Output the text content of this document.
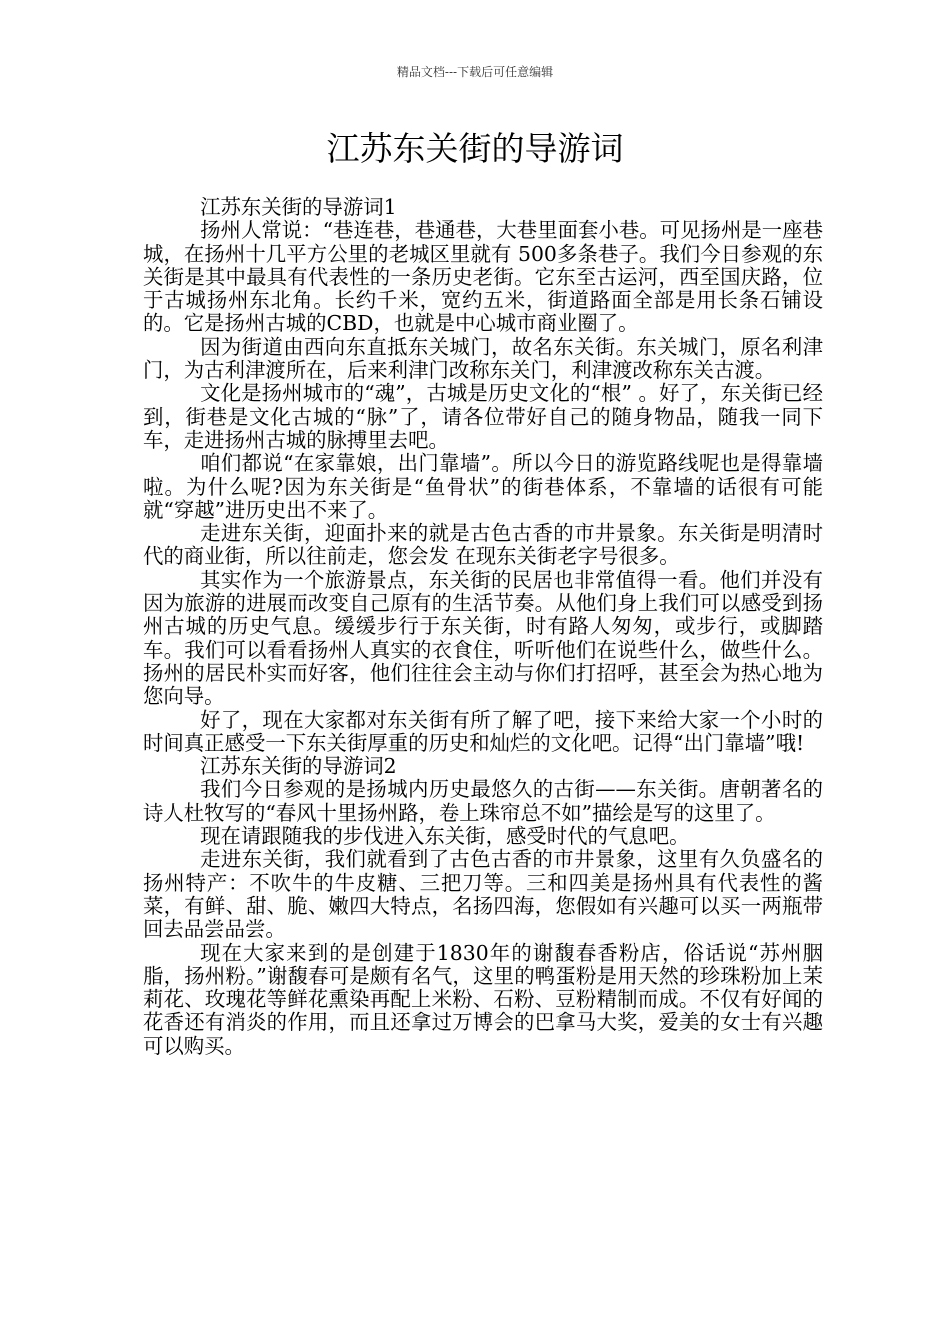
精品文档---下载后可任意编辑
江苏东关街的导游词

江苏东关街的导游词1

扬州人常说：“巷连巷，巷通巷，大巷里面套小巷。可见扬州是一座巷城，在扬州十几平方公里的老城区里就有 500多条巷子。我们今日参观的东关街是其中最具有代表性的一条历史老街。它东至古运河，西至国庆路，位于古城扬州东北角。长约千米，宽约五米，街道路面全部是用长条石铺设的。它是扬州古城的CBD，也就是中心城市商业圈了。

因为街道由西向东直抵东关城门，故名东关街。东关城门，原名利津门，为古利津渡所在，后来利津门改称东关门，利津渡改称东关古渡。

文化是扬州城市的“魂”，古城是历史文化的“根” 。好了，东关街已经到，街巷是文化古城的“脉”了，请各位带好自己的随身物品，随我一同下车，走进扬州古城的脉搏里去吧。

咱们都说“在家靠娘，出门靠墙”。所以今日的游览路线呢也是得靠墙啦。为什么呢?因为东关街是“鱼骨状”的街巷体系，不靠墙的话很有可能就“穿越”进历史出不来了。

走进东关街，迎面扑来的就是古色古香的市井景象。东关街是明清时代的商业街，所以往前走，您会发 在现东关街老字号很多。

其实作为一个旅游景点，东关街的民居也非常值得一看。他们并没有因为旅游的进展而改变自己原有的生活节奏。从他们身上我们可以感受到扬州古城的历史气息。缓缓步行于东关街，时有路人匆匆，或步行，或脚踏车。我们可以看看扬州人真实的衣食住，听听他们在说些什么，做些什么。扬州的居民朴实而好客，他们往往会主动与你们打招呼，甚至会为热心地为您向导。

好了，现在大家都对东关街有所了解了吧，接下来给大家一个小时的时间真正感受一下东关街厚重的历史和灿烂的文化吧。记得“出门靠墙”哦!

江苏东关街的导游词2

我们今日参观的是扬城内历史最悠久的古街——东关街。唐朝著名的诗人杜牧写的“春风十里扬州路，卷上珠帘总不如”描绘是写的这里了。

现在请跟随我的步伐进入东关街，感受时代的气息吧。

走进东关街，我们就看到了古色古香的市井景象，这里有久负盛名的扬州特产：不吹牛的牛皮糖、三把刀等。三和四美是扬州具有代表性的酱菜，有鲜、甜、脆、嫩四大特点，名扬四海，您假如有兴趣可以买一两瓶带回去品尝品尝。

现在大家来到的是创建于1830年的谢馥春香粉店，俗话说“苏州胭脂，扬州粉。”谢馥春可是颇有名气，这里的鸭蛋粉是用天然的珍珠粉加上茉莉花、玫瑰花等鲜花熏染再配上米粉、石粉、豆粉精制而成。不仅有好闻的花香还有消炎的作用，而且还拿过万博会的巴拿马大奖，爱美的女士有兴趣可以购买。
